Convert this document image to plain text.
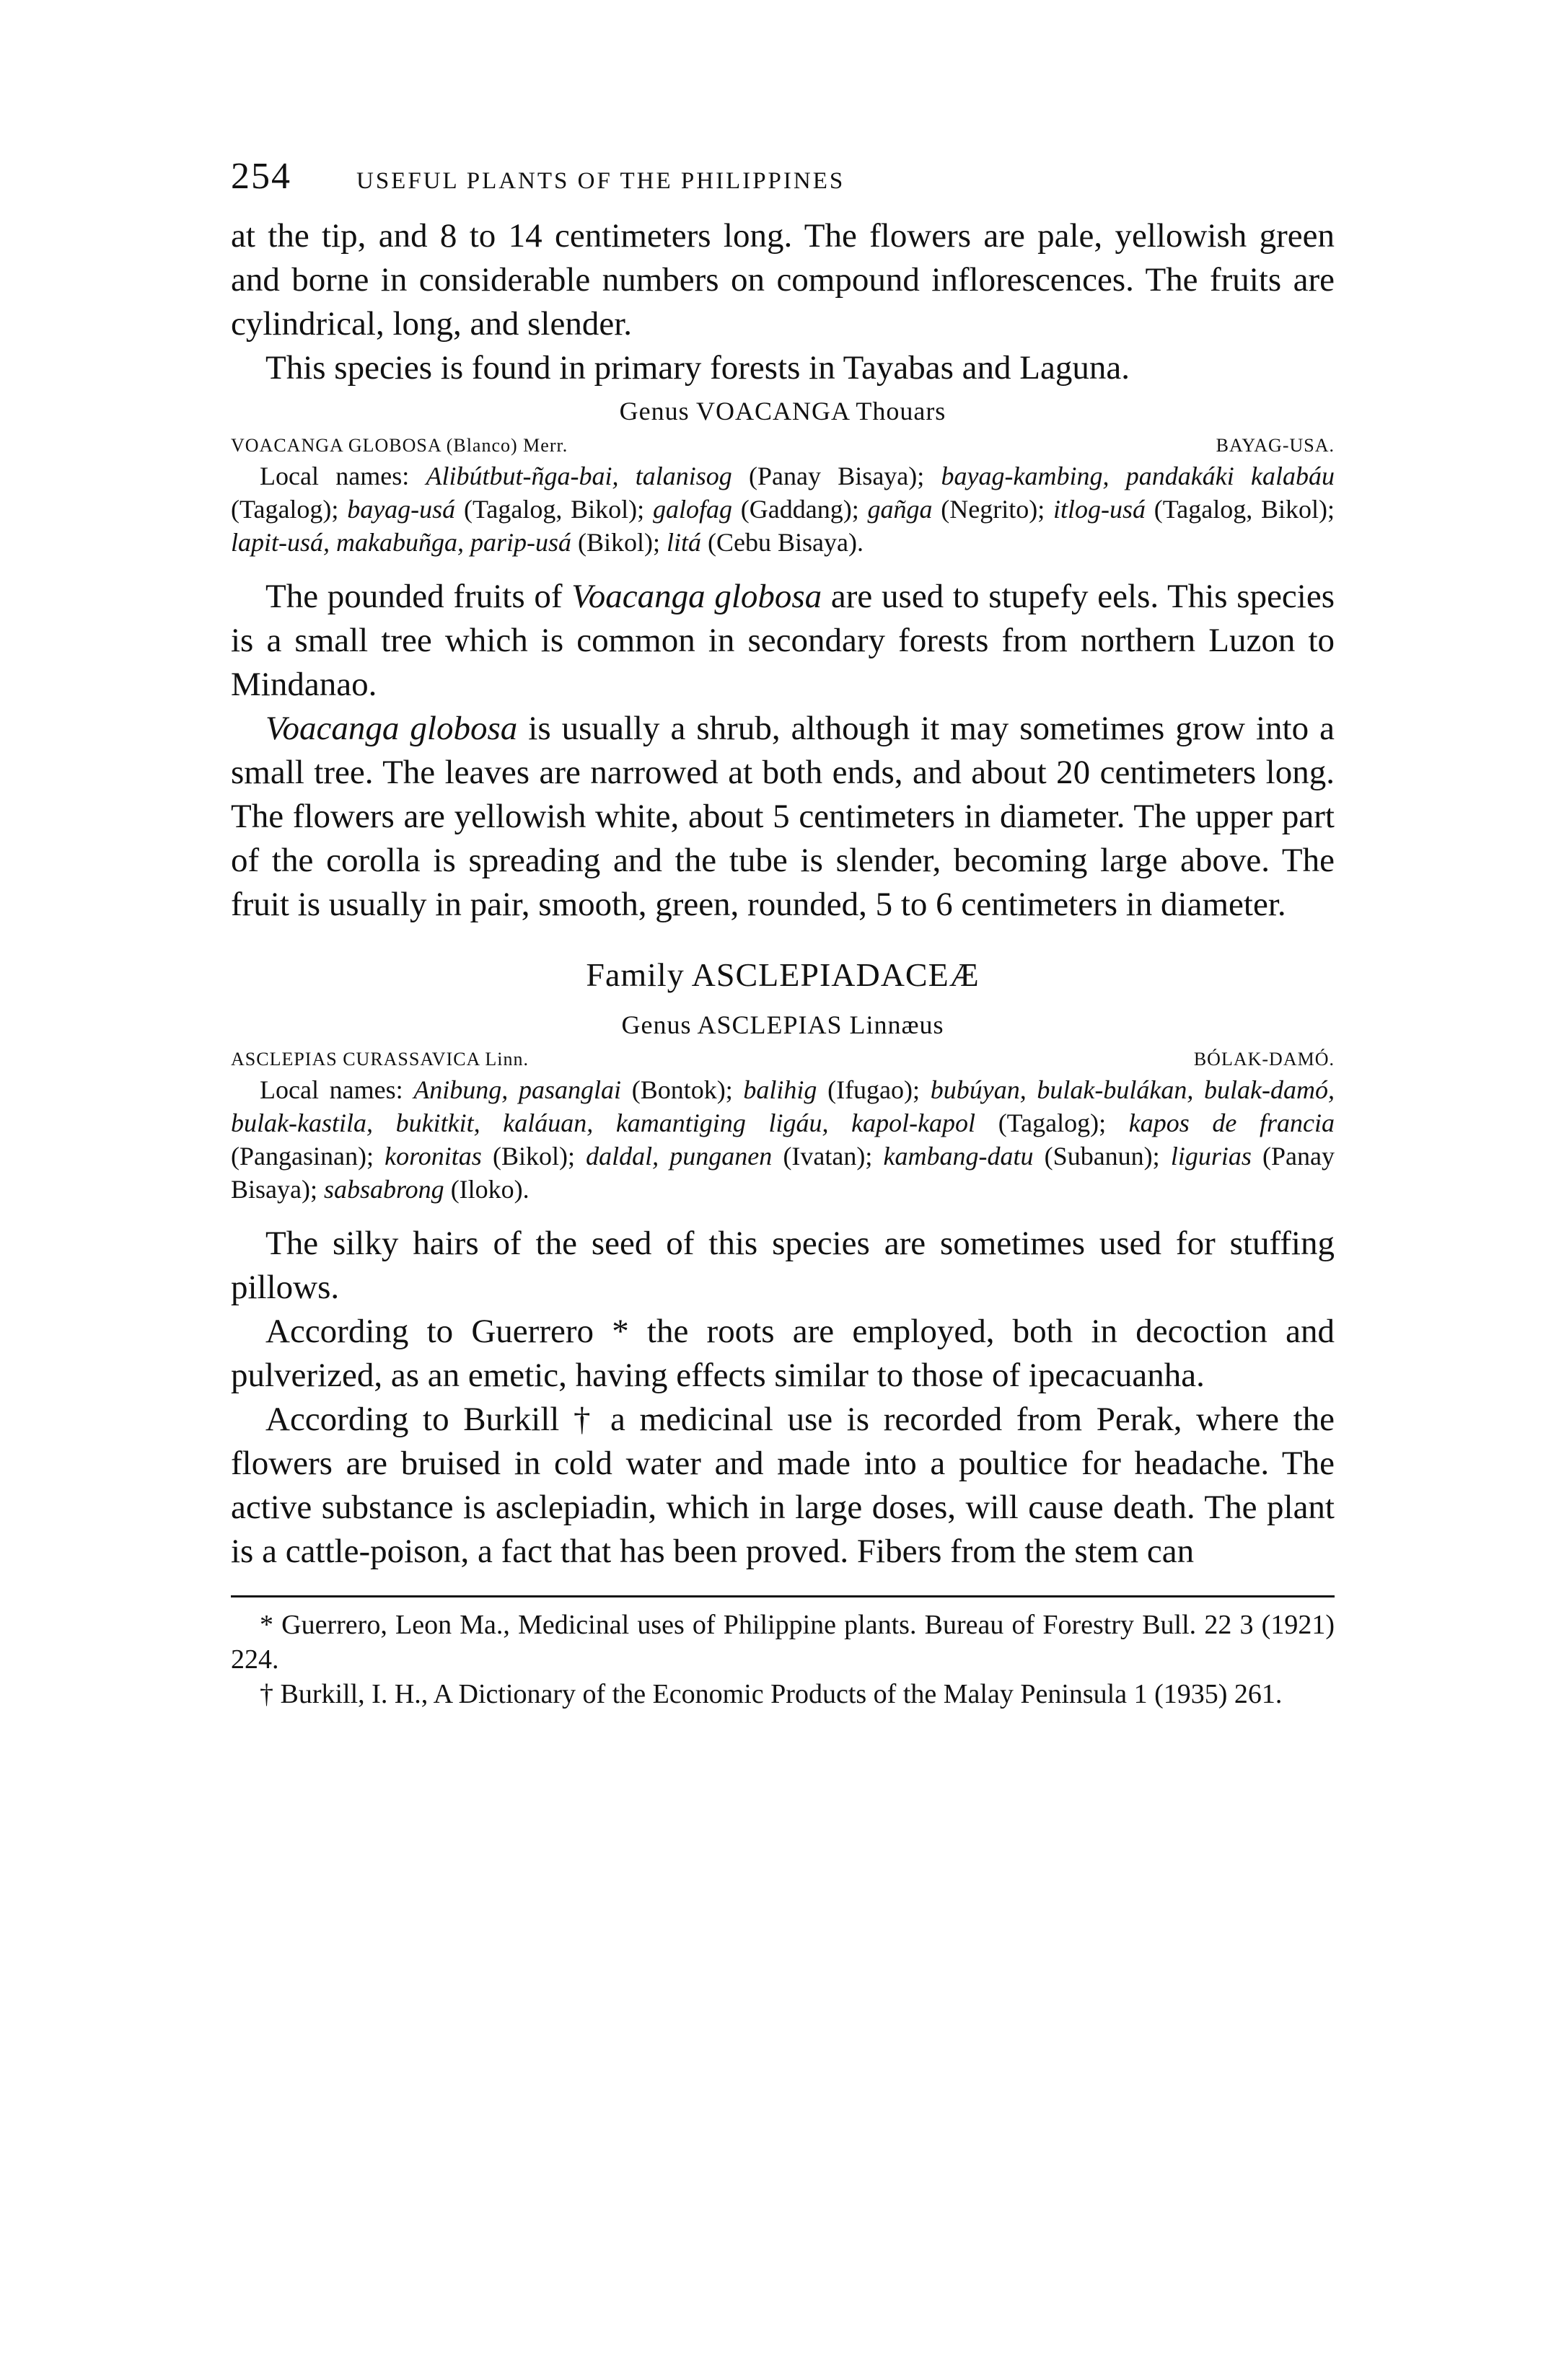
254	USEFUL PLANTS OF THE PHILIPPINES

at the tip, and 8 to 14 centimeters long. The flowers are pale, yellowish green and borne in considerable numbers on compound inflorescences. The fruits are cylindrical, long, and slender.

This species is found in primary forests in Tayabas and Laguna.

Genus VOACANGA Thouars
VOACANGA GLOBOSA (Blanco) Merr.	BAYAG-USA.
Local names: Alibútbut-ñga-bai, talanisog (Panay Bisaya); bayag-kambing, pandakáki kalabáu (Tagalog); bayag-usá (Tagalog, Bikol); galofag (Gaddang); gañga (Negrito); itlog-usá (Tagalog, Bikol); lapit-usá, makabuñga, parip-usá (Bikol); litá (Cebu Bisaya).

The pounded fruits of Voacanga globosa are used to stupefy eels. This species is a small tree which is common in secondary forests from northern Luzon to Mindanao.

Voacanga globosa is usually a shrub, although it may sometimes grow into a small tree. The leaves are narrowed at both ends, and about 20 centimeters long. The flowers are yellowish white, about 5 centimeters in diameter. The upper part of the corolla is spreading and the tube is slender, becoming large above. The fruit is usually in pair, smooth, green, rounded, 5 to 6 centimeters in diameter.

Family ASCLEPIADACEÆ
Genus ASCLEPIAS Linnæus
ASCLEPIAS CURASSAVICA Linn.	BÓLAK-DAMÓ.
Local names: Anibung, pasanglai (Bontok); balihig (Ifugao); bubúyan, bulak-bulákan, bulak-damó, bulak-kastila, bukitkit, kaláuan, kamantiging ligáu, kapol-kapol (Tagalog); kapos de francia (Pangasinan); koronitas (Bikol); daldal, punganen (Ivatan); kambang-datu (Subanun); ligurias (Panay Bisaya); sabsabrong (Iloko).

The silky hairs of the seed of this species are sometimes used for stuffing pillows.

According to Guerrero * the roots are employed, both in decoction and pulverized, as an emetic, having effects similar to those of ipecacuanha.

According to Burkill † a medicinal use is recorded from Perak, where the flowers are bruised in cold water and made into a poultice for headache. The active substance is asclepiadin, which in large doses, will cause death. The plant is a cattle-poison, a fact that has been proved. Fibers from the stem can

* Guerrero, Leon Ma., Medicinal uses of Philippine plants. Bureau of Forestry Bull. 22 3 (1921) 224.

† Burkill, I. H., A Dictionary of the Economic Products of the Malay Peninsula 1 (1935) 261.
